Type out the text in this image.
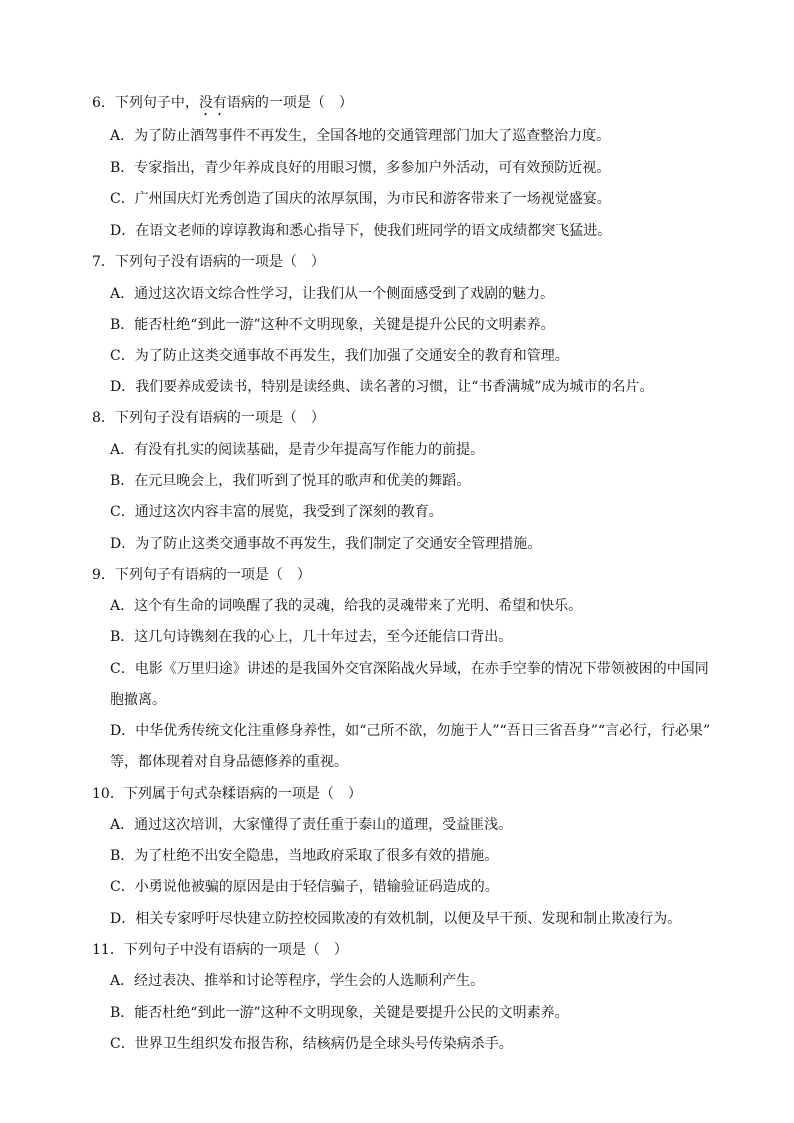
6．下列句子中，没有语病的一项是（　）
A．为了防止酒驾事件不再发生，全国各地的交通管理部门加大了巡查整治力度。
B．专家指出，青少年养成良好的用眼习惯，多参加户外活动，可有效预防近视。
C．广州国庆灯光秀创造了国庆的浓厚氛围，为市民和游客带来了一场视觉盛宴。
D．在语文老师的谆谆教诲和悉心指导下，使我们班同学的语文成绩都突飞猛进。
7．下列句子没有语病的一项是（　）
A．通过这次语文综合性学习，让我们从一个侧面感受到了戏剧的魅力。
B．能否杜绝“到此一游”这种不文明现象，关键是提升公民的文明素养。
C．为了防止这类交通事故不再发生，我们加强了交通安全的教育和管理。
D．我们要养成爱读书，特别是读经典、读名著的习惯，让“书香满城”成为城市的名片。
8．下列句子没有语病的一项是（　）
A．有没有扎实的阅读基础，是青少年提高写作能力的前提。
B．在元旦晚会上，我们听到了悦耳的歌声和优美的舞蹈。
C．通过这次内容丰富的展览，我受到了深刻的教育。
D．为了防止这类交通事故不再发生，我们制定了交通安全管理措施。
9．下列句子有语病的一项是（　）
A．这个有生命的词唤醒了我的灵魂，给我的灵魂带来了光明、希望和快乐。
B．这几句诗镌刻在我的心上，几十年过去，至今还能信口背出。
C．电影《万里归途》讲述的是我国外交官深陷战火异域，在赤手空拳的情况下带领被困的中国同
胞撤离。
D．中华优秀传统文化注重修身养性，如“己所不欲，勿施于人”“吾日三省吾身”“言必行，行必果”
等，都体现着对自身品德修养的重视。
10．下列属于句式杂糅语病的一项是（　）
A．通过这次培训，大家懂得了责任重于泰山的道理，受益匪浅。
B．为了杜绝不出安全隐患，当地政府采取了很多有效的措施。
C．小勇说他被骗的原因是由于轻信骗子，错输验证码造成的。
D．相关专家呼吁尽快建立防控校园欺凌的有效机制，以便及早干预、发现和制止欺凌行为。
11．下列句子中没有语病的一项是（　）
A．经过表决、推举和讨论等程序，学生会的人选顺利产生。
B．能否杜绝“到此一游”这种不文明现象，关键是要提升公民的文明素养。
C．世界卫生组织发布报告称，结核病仍是全球头号传染病杀手。
